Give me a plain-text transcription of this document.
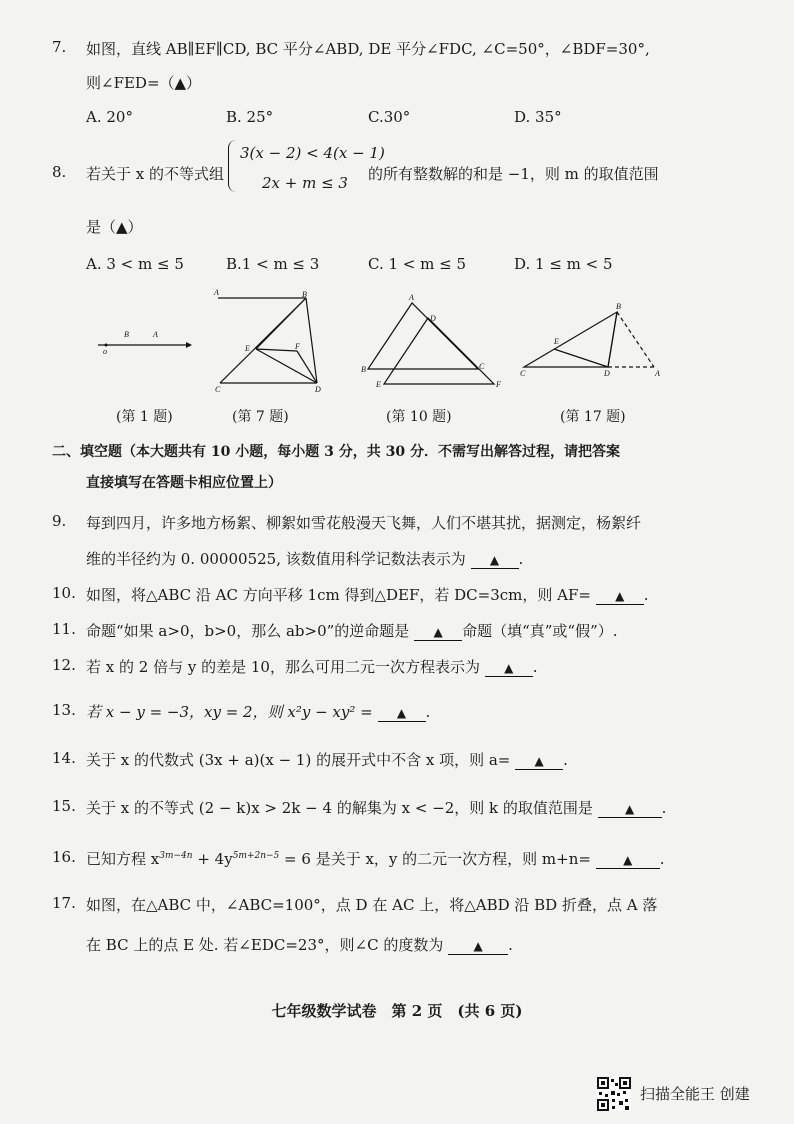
7. 如图，直线 AB∥EF∥CD, BC 平分∠ABD, DE 平分∠FDC, ∠C=50°，∠BDF=30°,
则∠FED=（▲）
A. 20°	B. 25°	C.30°	D. 35°
8. 若关于 x 的不等式组
3(x − 2) < 4(x − 1)
2x + m ≤ 3 的所有整数解的和是 −1，则 m 的取值范围
是（▲）
A. 3 < m ≤ 5	B.1 < m ≤ 3	C. 1 < m ≤ 5	D. 1 ≤ m < 5
o
B	A
A	B
C	D
E	F
A
B	C
D
E	F
C
B
D	A
E
(第 1 题)	(第 7 题)	(第 10 题)	(第 17 题)
二、填空题（本大题共有 10 小题，每小题 3 分，共 30 分．不需写出解答过程，请把答案
直接填写在答题卡相应位置上）
9. 每到四月，许多地方杨絮、柳絮如雪花般漫天飞舞，人们不堪其扰，据测定，杨絮纤
维的半径约为 0. 00000525, 该数值用科学记数法表示为 ▲ .
10. 如图，将△ABC 沿 AC 方向平移 1cm 得到△DEF，若 DC=3cm，则 AF= ▲ .
11. 命题“如果 a>0，b>0，那么 ab>0”的逆命题是 ▲ 命题（填“真”或“假”）.
12. 若 x 的 2 倍与 y 的差是 10，那么可用二元一次方程表示为 ▲ .
13. 若 x − y = −3，xy = 2，则 x²y − xy² = ▲ .
14. 关于 x 的代数式 (3x + a)(x − 1) 的展开式中不含 x 项，则 a= ▲ .
15. 关于 x 的不等式 (2 − k)x > 2k − 4 的解集为 x < −2，则 k 的取值范围是	▲ .
16. 已知方程 $x^{3m-4n} + 4y^{5m+2n-5} = 6$ 是关于 x，y 的二元一次方程，则 m+n=	▲ .
17. 如图，在△ABC 中，∠ABC=100°，点 D 在 AC 上，将△ABD 沿 BD 折叠，点 A 落
在 BC 上的点 E 处. 若∠EDC=23°，则∠C 的度数为	▲ .
七年级数学试卷　第 2 页　(共 6 页)
扫描全能王 创建
